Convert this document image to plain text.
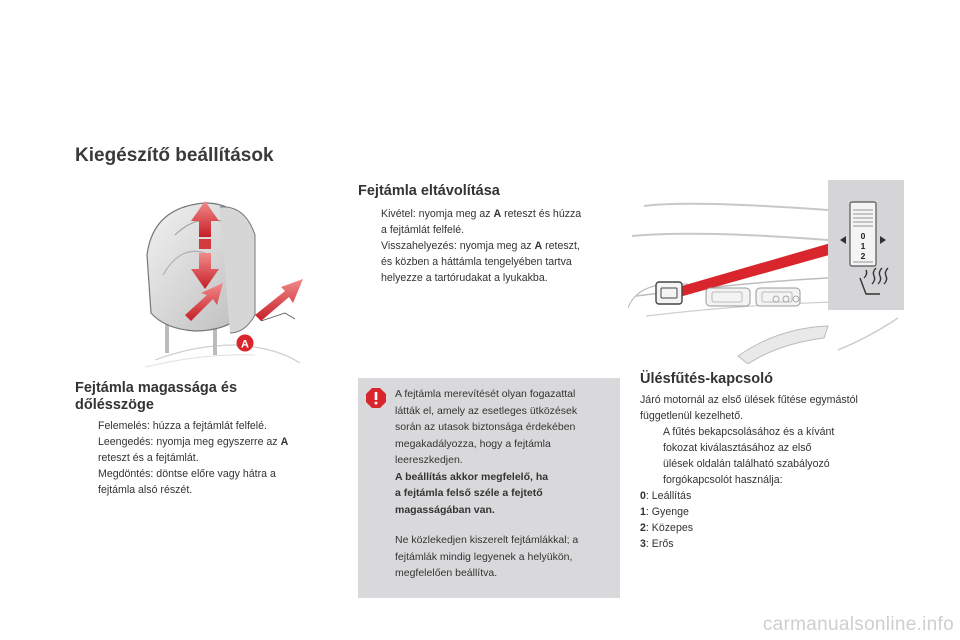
Kiegészítő beállítások
A
Fejtámla magassága és
dőlésszöge
Felemelés: húzza a fejtámlát felfelé.
Leengedés: nyomja meg egyszerre az A
reteszt és a fejtámlát.
Megdöntés: döntse előre vagy hátra a
fejtámla alsó részét.
Fejtámla eltávolítása
Kivétel: nyomja meg az A reteszt és húzza
a fejtámlát felfelé.
Visszahelyezés: nyomja meg az A reteszt,
és közben a háttámla tengelyében tartva
helyezze a tartórudakat a lyukakba.

A fejtámla merevítését olyan fogazattal
látták el, amely az esetleges ütközések
során az utasok biztonsága érdekében
megakadályozza, hogy a fejtámla
leereszkedjen.
A beállítás akkor megfelelő, ha
a fejtámla felső széle a fejtető
magasságában van.

Ne közlekedjen kiszerelt fejtámlákkal; a
fejtámlák mindig legyenek a helyükön,
megfelelően beállítva.

0
1
2
Ülésfűtés-kapcsoló
Járó motornál az első ülések fűtése egymástól
függetlenül kezelhető.
A fűtés bekapcsolásához és a kívánt
fokozat kiválasztásához az első
ülések oldalán található szabályozó
forgókapcsolót használja:
0: Leállítás
1: Gyenge
2: Közepes
3: Erős
carmanualsonline.info
